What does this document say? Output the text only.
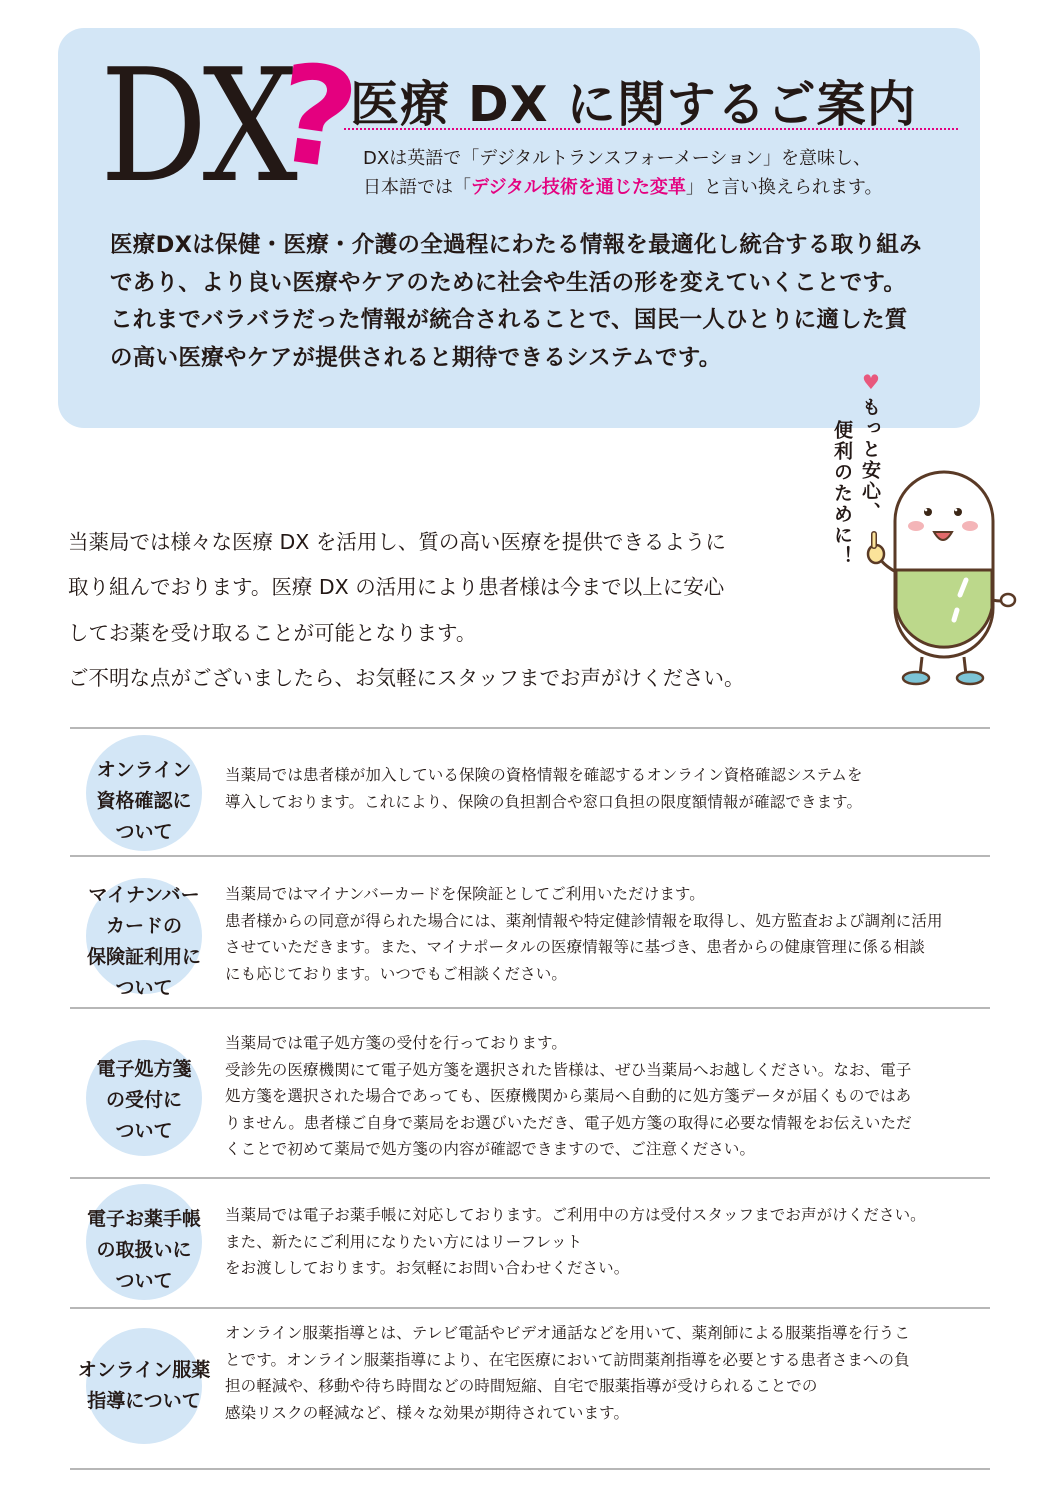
DX
?
医療 DX に関するご案内
DXは英語で「デジタルトランスフォーメーション」を意味し、
日本語では「デジタル技術を通じた変革」と言い換えられます。

医療DXは保健・医療・介護の全過程にわたる情報を最適化し統合する取り組み

であり、より良い医療やケアのために社会や生活の形を変えていくことです。

これまでバラバラだった情報が統合されることで、国民一人ひとりに適した質

の高い医療やケアが提供されると期待できるシステムです。

♥
もっと安心、
便利のために！

当薬局では様々な医療 DX を活用し、質の高い医療を提供できるように

取り組んでおります。医療 DX の活用により患者様は今まで以上に安心

してお薬を受け取ることが可能となります。

ご不明な点がございましたら、お気軽にスタッフまでお声がけください。

オンライン
資格確認に
ついて

当薬局では患者様が加入している保険の資格情報を確認するオンライン資格確認システムを

導入しております。これにより、保険の負担割合や窓口負担の限度額情報が確認できます。

マイナンバー
カードの
保険証利用に
ついて

当薬局ではマイナンバーカードを保険証としてご利用いただけます。

患者様からの同意が得られた場合には、薬剤情報や特定健診情報を取得し、処方監査および調剤に活用

させていただきます。また、マイナポータルの医療情報等に基づき、患者からの健康管理に係る相談

にも応じております。いつでもご相談ください。

電子処方箋
の受付に
ついて

当薬局では電子処方箋の受付を行っております。

受診先の医療機関にて電子処方箋を選択された皆様は、ぜひ当薬局へお越しください。なお、電子

処方箋を選択された場合であっても、医療機関から薬局へ自動的に処方箋データが届くものではあ

りません。患者様ご自身で薬局をお選びいただき、電子処方箋の取得に必要な情報をお伝えいただ

くことで初めて薬局で処方箋の内容が確認できますので、ご注意ください。

電子お薬手帳
の取扱いに
ついて

当薬局では電子お薬手帳に対応しております。ご利用中の方は受付スタッフまでお声がけください。

また、新たにご利用になりたい方にはリーフレット

をお渡ししております。お気軽にお問い合わせください。

オンライン服薬
指導について

オンライン服薬指導とは、テレビ電話やビデオ通話などを用いて、薬剤師による服薬指導を行うこ

とです。オンライン服薬指導により、在宅医療において訪問薬剤指導を必要とする患者さまへの負

担の軽減や、移動や待ち時間などの時間短縮、自宅で服薬指導が受けられることでの

感染リスクの軽減など、様々な効果が期待されています。
